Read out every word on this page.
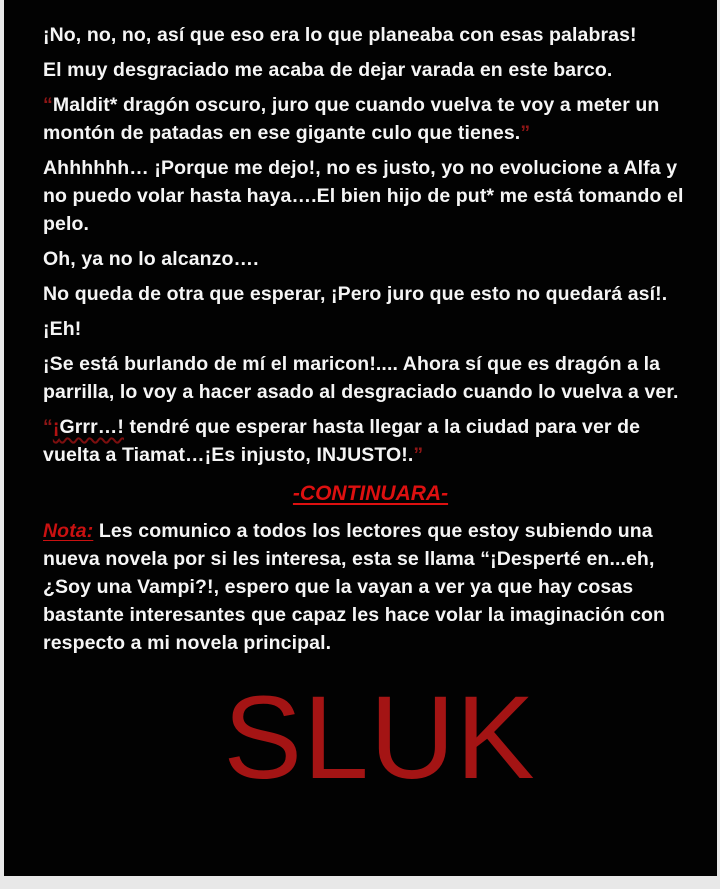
¡No, no, no, así que eso era lo que planeaba con esas palabras!

El muy desgraciado me acaba de dejar varada en este barco.

“Maldit* dragón oscuro, juro que cuando vuelva te voy a meter un montón de patadas en ese gigante culo que tienes.”

Ahhhhhh… ¡Porque me dejo!, no es justo, yo no evolucione a Alfa y no puedo volar hasta haya….El bien hijo de put* me está tomando el pelo.

Oh, ya no lo alcanzo….

No queda de otra que esperar, ¡Pero juro que esto no quedará así!.

¡Eh!

¡Se está burlando de mí el maricon!.... Ahora sí que es dragón a la parrilla, lo voy a hacer asado al desgraciado cuando lo vuelva a ver.

“¡Grrr…! tendré que esperar hasta llegar a la ciudad para ver de vuelta a Tiamat…¡Es injusto, INJUSTO!.”

-CONTINUARA-

Nota: Les comunico a todos los lectores que estoy subiendo una nueva novela por si les interesa, esta se llama “¡Desperté en...eh, ¿Soy una Vampi?!, espero que la vayan a ver ya que hay cosas bastante interesantes que capaz les hace volar la imaginación con respecto a mi novela principal.

SLUK
